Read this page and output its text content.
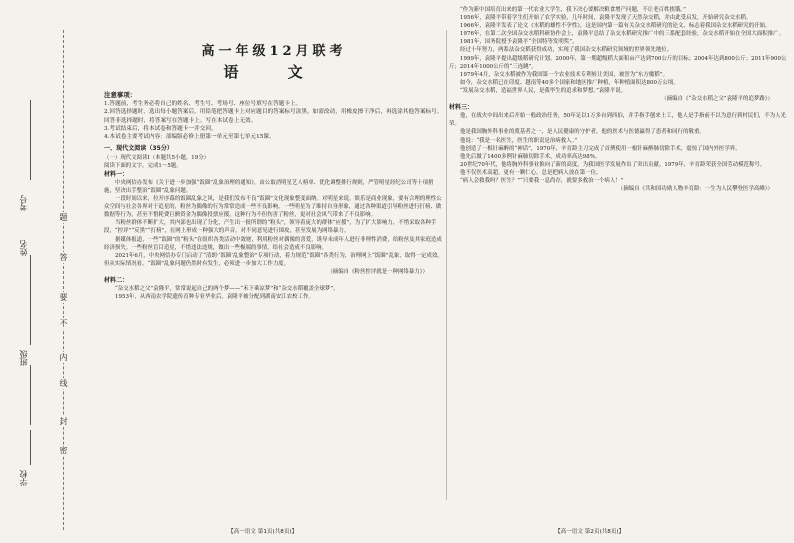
题
答
要
不
内
线
封
密
考号
姓名
班级
学校
高一年级12月联考
语 文
注意事项：
1.答题前，考生务必将自己的姓名、考生号、考场号、座位号填写在答题卡上。
2.回答选择题时，选出每小题答案后，用铅笔把答题卡上对应题目的答案标号涂黑。如需改动，用橡皮擦干净后，再选涂其他答案标号。回答非选择题时，将答案写在答题卡上。写在本试卷上无效。
3.考试结束后，将本试卷和答题卡一并交回。
4.本试卷主要考试内容：部编版必修上册第一单元至第七单元15课。
一、现代文阅读（35分）
（一）现代文阅读Ⅰ（本题共5小题，19分）
阅读下面的文字，完成1～5题。
材料一：

中央网信办发布《关于进一步加强“饭圈”乱象治理的通知》，由公取消明星艺人榜单、优化调整排行规则，严管明星经纪公司等十项措施，坚决出手整治“饭圈”乱象问题。

一段时间以来，拉开序幕的饭圈乱象之风，是我们发布不良“饭圈”文化现象整变面纳。对明星来说，娱乐是商业现象，要有合理的理性公众空间与社会各界对于追星的，粉丝为偶像的行为常常造成一些不良影响。一些明星为了维持自身形象，通过各种渠道引导粉丝进行打榜、做数据等行为，甚至不惜耗费巨额资金为偶像投票应援，这种行为不但伤害了粉丝，更对社会风气带来了不良影响。

当粉丝群体不断扩大，其内部也出现了分化，产生出一批所谓的“粉头”，领导着庞大的群体“应援”，为了扩大影响力，不惜采取各种手段，“控评”“反黑”“打榜”，在网上形成一种强大的声音，对不同意见进行围攻，甚至发展为网络暴力。

据媒体报道，一些“饭圈”的“粉头”在组织各类活动中敛财，利用粉丝对偶像的喜爱，诱导未成年人进行非理性消费，给粉丝及其家庭造成经济损失。一些粉丝盲目追星，不惜违法违规，做出一些极端的事情，给社会造成不良影响。

2021年6月，中央网信办专门启动了“清朗·‘饭圈’乱象整治”专项行动，着力规范“饭圈”各类行为，治理网上“饭圈”乱象，取得一定成效。但从实际情况看，“饭圈”乱象问题仍然时有发生，必须进一步加大工作力度。

（摘编自《粉丝控评就是一种网络暴力》）

材料二：

“杂交水稻之父”袁隆平，常常说起自己的两个梦——“禾下乘凉梦”和“杂交水稻覆盖全球梦”。

1953年，从西南农学院遗传育种专业毕业后，袁隆平被分配到湖南安江农校工作。

“作为新中国培育出来的第一代农业大学生，我下决心要解决粮食增产问题，不让老百姓挨饿。”

1956年，袁隆平带着学生们开始了农学实验，几年时间，袁隆平发现了天然杂交稻，并由此受启发，开始研究杂交水稻。

1966年，袁隆平发表了论文《水稻的雄性不孕性》，这是国内第一篇有关杂交水稻研究的论文，标志着我国杂交水稻研究的开始。

1976年，在第二次全国杂交水稻科研协作会上，袁隆平总结了杂交水稻研究推广中的三系配套经验，杂交水稻开始在全国大面积推广。

1981年，国务院授予袁隆平“全国特等发明奖”。

经过十年努力，两系法杂交稻获得成功，实现了我国杂交水稻研究领域的世界领先地位。

1999年，袁隆平提出超级稻研究计划。2000年，第一期超级稻大面积亩产达到700公斤的目标；2004年达到800公斤；2011年900公斤；2014年1000公斤的“三连跳”。

1979年4月，杂交水稻被作为我国第一个农业技术专利转让美国，被誉为“东方魔稻”。

如今，杂交水稻已在印度、越南等40多个国家和地区推广种植，年种植面积达800万公顷。

“发展杂交水稻，造福世界人民，是我毕生的追求和梦想。”袁隆平说。

（摘编自《“杂交水稻之父”袁隆平的追梦路》）

材料三：

他，在战火中间出来后开始一般政治任务，50年足以1万多台到西伯，并手指手刨来土工，他人是手指前不以为意行到村民们，不为人光荣。

他是我国胸外科事业的奠基者之一，是人民健康的守护者，他的医术与医德赢得了患者和同行的敬重。

他说：“我是一名医生，医生的职责是治病救人。”

他创造了一根针麻醉的“神话”，1970年，辛育龄主刀完成了首例使用一根针麻醉肺切除手术，震惊了国内外医学界。

他先后做了1400多例针麻肺切除手术，成功率高达98%。

20世纪70年代，他将胸外科事业推向了新的高度，为我国医学发展作出了突出贡献。1979年，辛育龄荣获全国劳动模范称号。

他不仅医术高超，更有一颗仁心，总是把病人放在第一位。

“病人会救我吗？医生？”“只要我一息尚存，就要多救治一个病人！”

（摘编自《共和国功勋人物辛育龄：一生为人民攀登医学高峰》）

【高一语文 第1页(共8页)】	【高一语文 第2页(共8页)】
